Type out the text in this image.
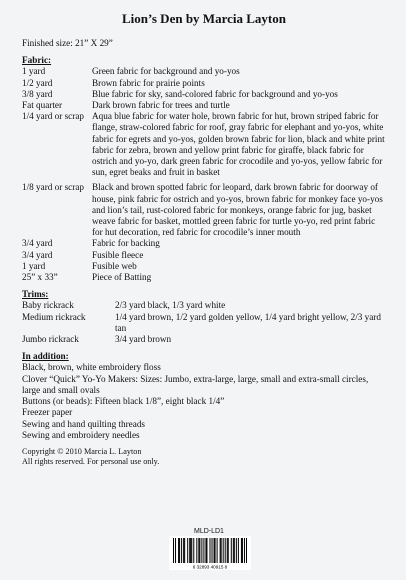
Lion’s Den by Marcia Layton
Finished size: 21” X 29”
Fabric:
1 yard	Green fabric for background and yo-yos
1/2 yard	Brown fabric for prairie points
3/8 yard	Blue fabric for sky, sand-colored fabric for background and yo-yos
Fat quarter	Dark brown fabric for trees and turtle
1/4 yard or scrap Aqua blue fabric for water hole, brown fabric for hut, brown striped fabric for flange, straw-colored fabric for roof, gray fabric for elephant and yo-yos, white fabric for egrets and yo-yos, golden brown fabric for lion, black and white print fabric for zebra, brown and yellow print fabric for giraffe, black fabric for ostrich and yo-yo, dark green fabric for crocodile and yo-yos, yellow fabric for sun, egret beaks and fruit in basket
1/8 yard or scrap Black and brown spotted fabric for leopard, dark brown fabric for doorway of house, pink fabric for ostrich and yo-yos, brown fabric for monkey face yo-yos and lion’s tail, rust-colored fabric for monkeys, orange fabric for jug, basket weave fabric for basket, mottled green fabric for turtle yo-yo, red print fabric for hut decoration, red fabric for crocodile’s inner mouth
3/4 yard	Fabric for backing
3/4 yard	Fusible fleece
1 yard	Fusible web
25” x 33”	Piece of Batting
Trims:
Baby rickrack	2/3 yard black, 1/3 yard white
Medium rickrack	1/4 yard brown, 1/2 yard golden yellow, 1/4 yard bright yellow, 2/3 yard tan
Jumbo rickrack	3/4 yard brown
In addition:
Black, brown, white embroidery floss
Clover “Quick” Yo-Yo Makers: Sizes: Jumbo, extra-large, large, small and extra-small circles, large and small ovals
Buttons (or beads): Fifteen black 1/8”, eight black 1/4”
Freezer paper
Sewing and hand quilting threads
Sewing and embroidery needles
Copyright © 2010 Marcia L. Layton
All rights reserved. For personal use only.
MLD-LD1
6 32893 40915 8
